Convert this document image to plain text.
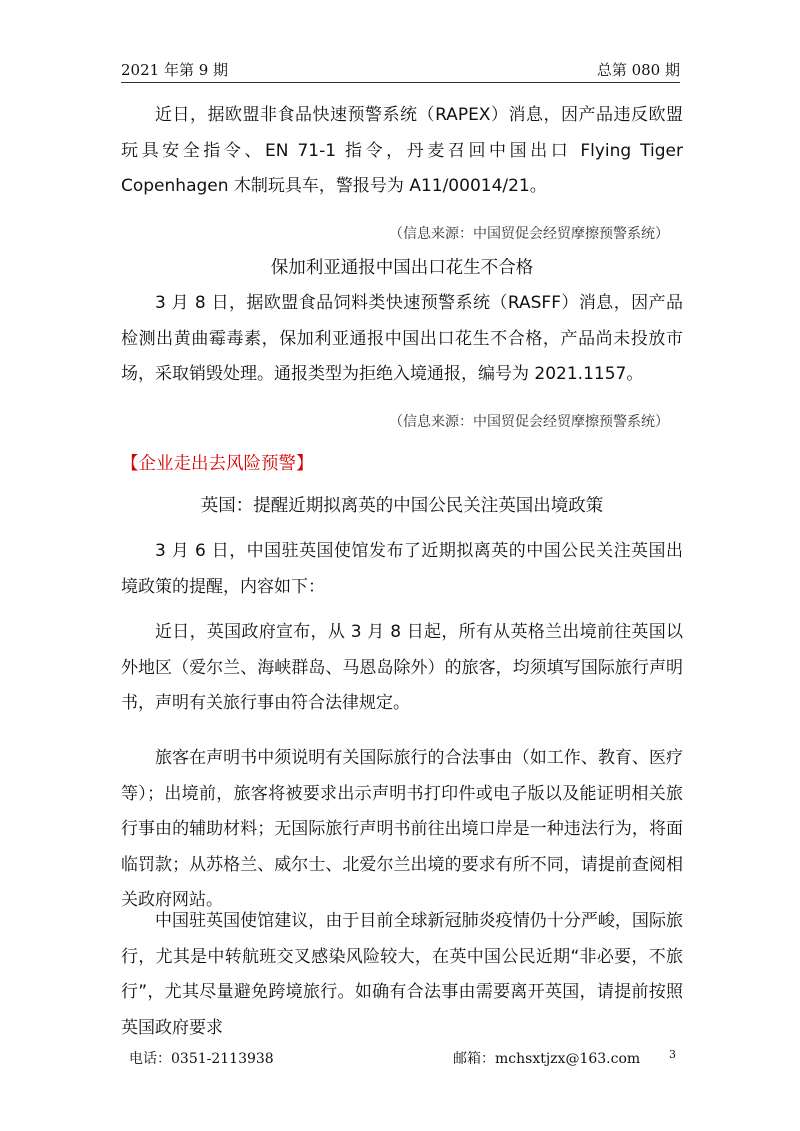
2021 年第 9 期	总第 080 期

近日，据欧盟非食品快速预警系统（RAPEX）消息，因产品违反欧盟玩具安全指令、EN 71-1 指令，丹麦召回中国出口 Flying Tiger Copenhagen 木制玩具车，警报号为 A11/00014/21。

（信息来源：中国贸促会经贸摩擦预警系统）
保加利亚通报中国出口花生不合格

3 月 8 日，据欧盟食品饲料类快速预警系统（RASFF）消息，因产品检测出黄曲霉毒素，保加利亚通报中国出口花生不合格，产品尚未投放市场，采取销毁处理。通报类型为拒绝入境通报，编号为 2021.1157。

（信息来源：中国贸促会经贸摩擦预警系统）
【企业走出去风险预警】
英国：提醒近期拟离英的中国公民关注英国出境政策

3 月 6 日，中国驻英国使馆发布了近期拟离英的中国公民关注英国出境政策的提醒，内容如下：

近日，英国政府宣布，从 3 月 8 日起，所有从英格兰出境前往英国以外地区（爱尔兰、海峡群岛、马恩岛除外）的旅客，均须填写国际旅行声明书，声明有关旅行事由符合法律规定。

旅客在声明书中须说明有关国际旅行的合法事由（如工作、教育、医疗等）；出境前，旅客将被要求出示声明书打印件或电子版以及能证明相关旅行事由的辅助材料；无国际旅行声明书前往出境口岸是一种违法行为，将面临罚款；从苏格兰、威尔士、北爱尔兰出境的要求有所不同，请提前查阅相关政府网站。

中国驻英国使馆建议，由于目前全球新冠肺炎疫情仍十分严峻，国际旅行，尤其是中转航班交叉感染风险较大，在英中国公民近期“非必要，不旅行”，尤其尽量避免跨境旅行。如确有合法事由需要离开英国，请提前按照英国政府要求

电话：0351-2113938	邮箱：mchsxtjzx@163.com	3
